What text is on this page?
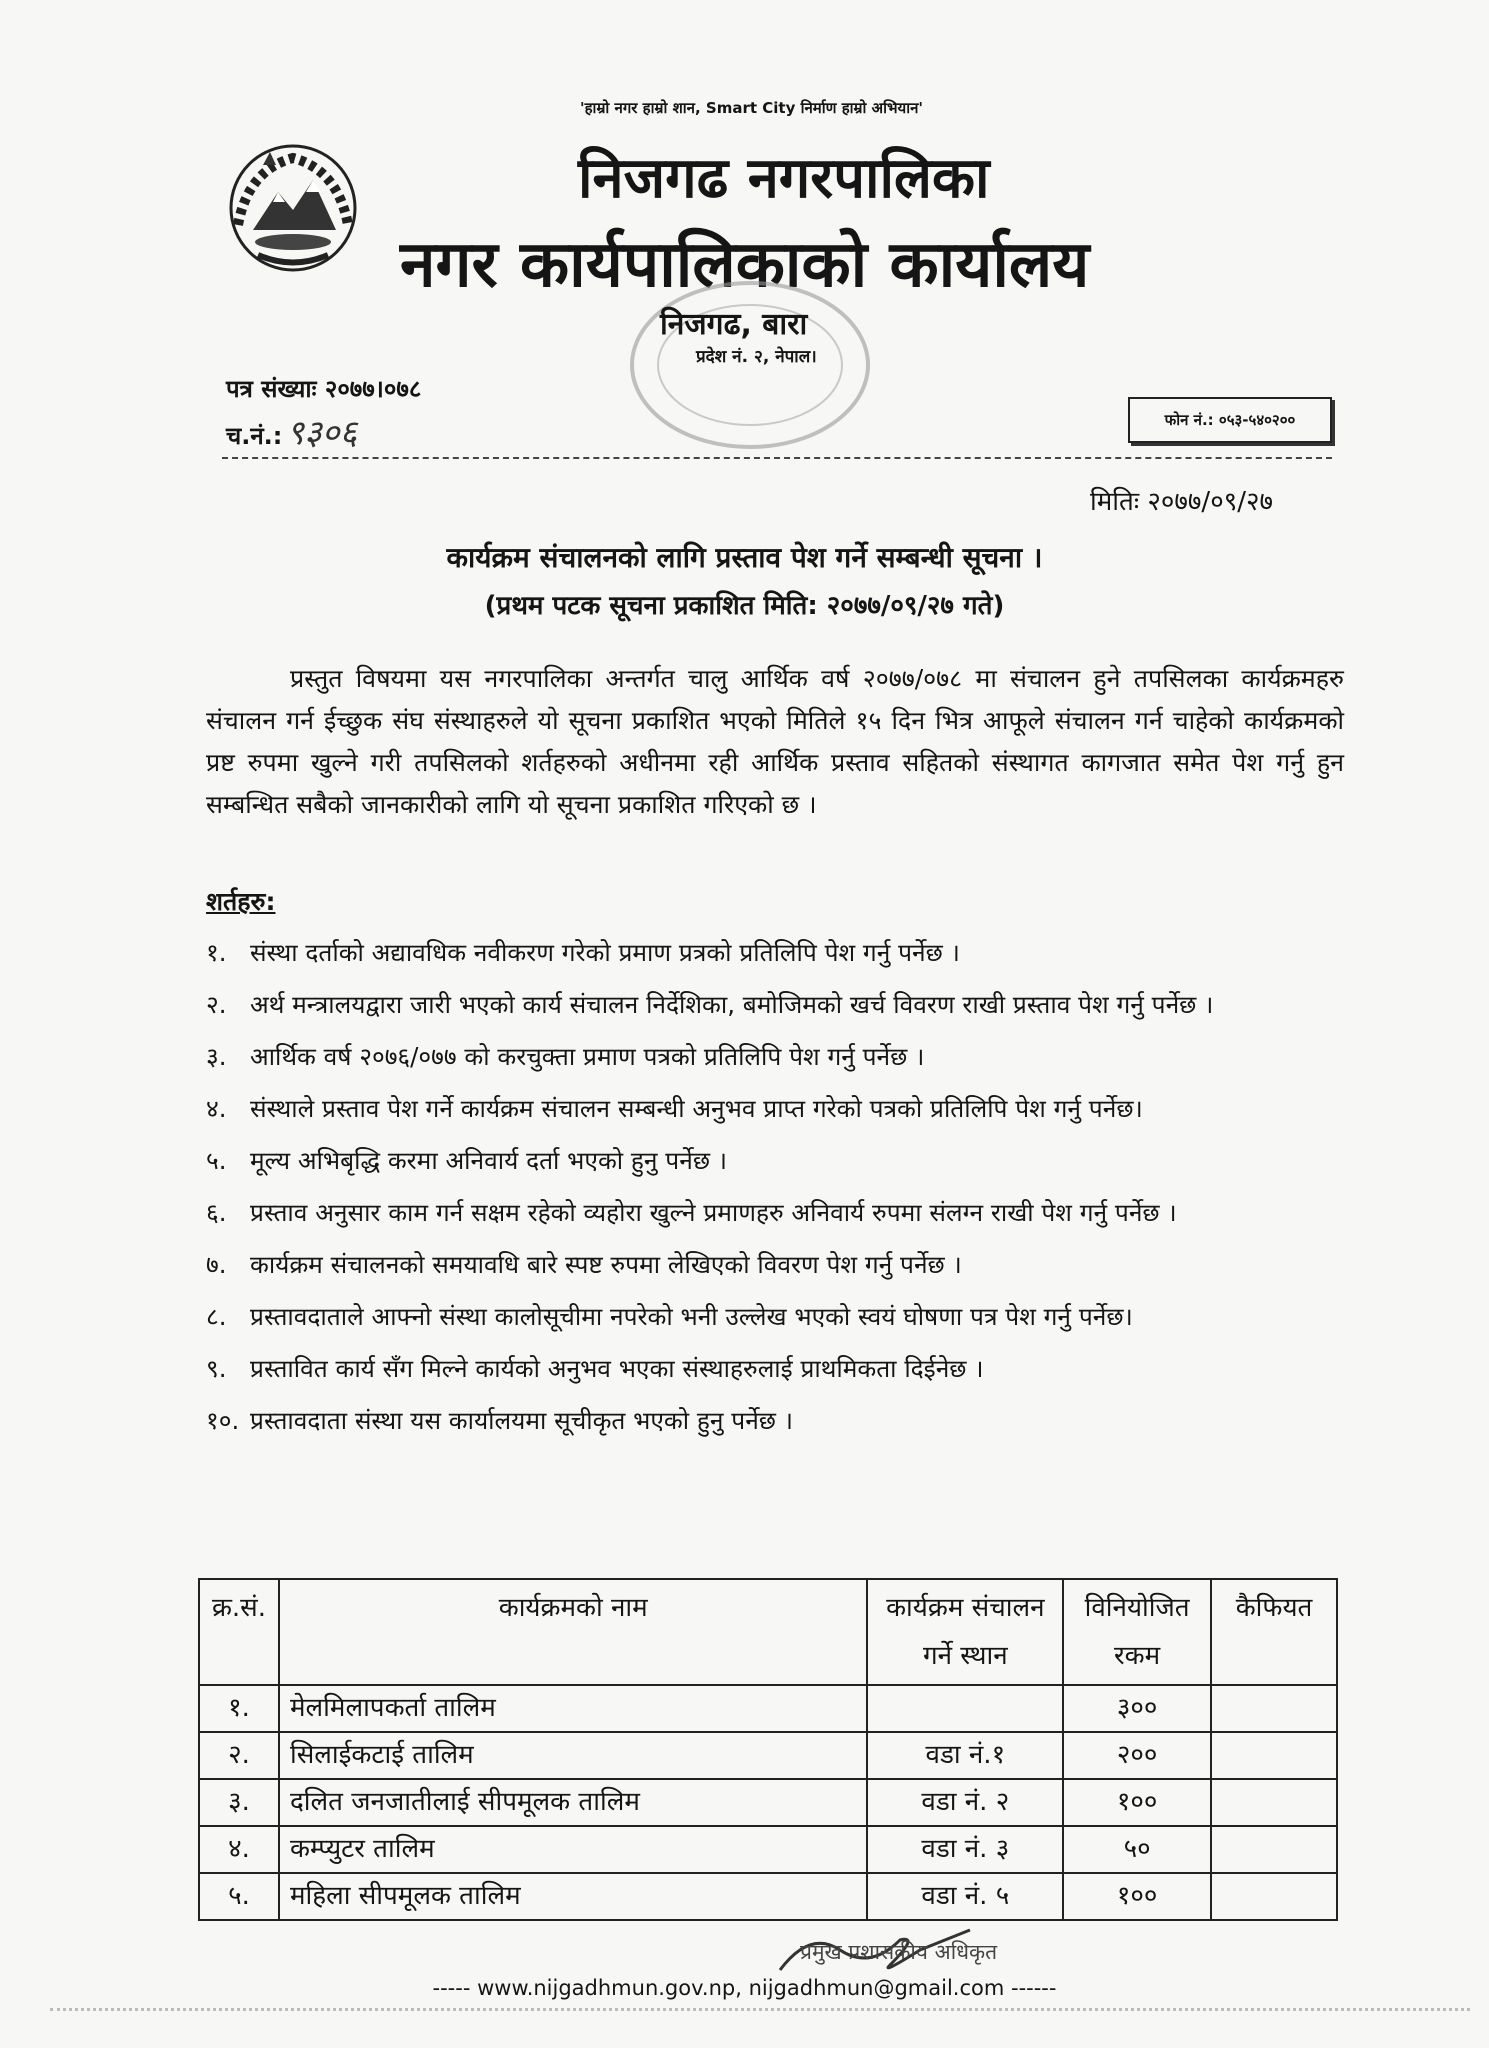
'हाम्रो नगर हाम्रो शान, Smart City निर्माण हाम्रो अभियान'
निजगढ नगरपालिका
नगर कार्यपालिकाको कार्यालय
निजगढ, बारा
प्रदेश नं. २, नेपाल।
पत्र संख्याः २०७७।०७८
च.नं.: ९३०६	फोन नं.: ०५३-५४०२००
मितिः २०७७/०९/२७
कार्यक्रम संचालनको लागि प्रस्ताव पेश गर्ने सम्बन्धी सूचना ।
(प्रथम पटक सूचना प्रकाशित मिति: २०७७/०९/२७ गते)

प्रस्तुत विषयमा यस नगरपालिका अन्तर्गत चालु आर्थिक वर्ष २०७७/०७८ मा संचालन हुने तपसिलका कार्यक्रमहरु संचालन गर्न ईच्छुक संघ संस्थाहरुले यो सूचना प्रकाशित भएको मितिले १५ दिन भित्र आफूले संचालन गर्न चाहेको कार्यक्रमको प्रष्ट रुपमा खुल्ने गरी तपसिलको शर्तहरुको अधीनमा रही आर्थिक प्रस्ताव सहितको संस्थागत कागजात समेत पेश गर्नु हुन सम्बन्धित सबैको जानकारीको लागि यो सूचना प्रकाशित गरिएको छ ।

शर्तहरु:
१. संस्था दर्ताको अद्यावधिक नवीकरण गरेको प्रमाण प्रत्रको प्रतिलिपि पेश गर्नु पर्नेछ ।
२. अर्थ मन्त्रालयद्वारा जारी भएको कार्य संचालन निर्देशिका, बमोजिमको खर्च विवरण राखी प्रस्ताव पेश गर्नु पर्नेछ ।
३. आर्थिक वर्ष २०७६/०७७ को करचुक्ता प्रमाण पत्रको प्रतिलिपि पेश गर्नु पर्नेछ ।
४. संस्थाले प्रस्ताव पेश गर्ने कार्यक्रम संचालन सम्बन्धी अनुभव प्राप्त गरेको पत्रको प्रतिलिपि पेश गर्नु पर्नेछ।
५. मूल्य अभिबृद्धि करमा अनिवार्य दर्ता भएको हुनु पर्नेछ ।
६. प्रस्ताव अनुसार काम गर्न सक्षम रहेको व्यहोरा खुल्ने प्रमाणहरु अनिवार्य रुपमा संलग्न राखी पेश गर्नु पर्नेछ ।
७. कार्यक्रम संचालनको समयावधि बारे स्पष्ट रुपमा लेखिएको विवरण पेश गर्नु पर्नेछ ।
८. प्रस्तावदाताले आफ्नो संस्था कालोसूचीमा नपरेको भनी उल्लेख भएको स्वयं घोषणा पत्र पेश गर्नु पर्नेछ।
९. प्रस्तावित कार्य सँग मिल्ने कार्यको अनुभव भएका संस्थाहरुलाई प्राथमिकता दिईनेछ ।
१०. प्रस्तावदाता संस्था यस कार्यालयमा सूचीकृत भएको हुनु पर्नेछ ।
क्र.सं.	कार्यक्रमको नाम	कार्यक्रम संचालन गर्ने स्थान	विनियोजित रकम	कैफियत
१.	मेलमिलापकर्ता तालिम		३००	
२.	सिलाईकटाई तालिम	वडा नं.१	२००	
३.	दलित जनजातीलाई सीपमूलक तालिम	वडा नं. २	१००	
४.	कम्प्युटर तालिम	वडा नं. ३	५०	
५.	महिला सीपमूलक तालिम	वडा नं. ५	१००	
प्रमुख प्रशासकीय अधिकृत
----- www.nijgadhmun.gov.np, nijgadhmun@gmail.com ------
